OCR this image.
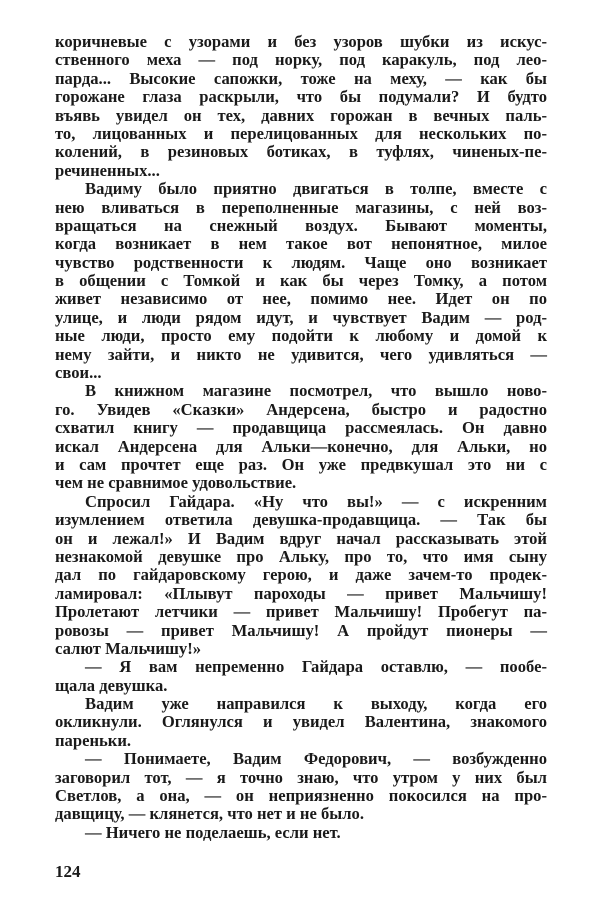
коричневые с узорами и без узоров шубки из искус-
ственного меха — под норку, под каракуль, под лео-
парда... Высокие сапожки, тоже на меху, — как бы
горожане глаза раскрыли, что бы подумали? И будто
въявь увидел он тех, давних горожан в вечных паль-
то, лицованных и перелицованных для нескольких по-
колений, в резиновых ботиках, в туфлях, чиненых-пе-
речиненных...
Вадиму было приятно двигаться в толпе, вместе с
нею вливаться в переполненные магазины, с ней воз-
вращаться на снежный воздух. Бывают моменты,
когда возникает в нем такое вот непонятное, милое
чувство родственности к людям. Чаще оно возникает
в общении с Томкой и как бы через Томку, а потом
живет независимо от нее, помимо нее. Идет он по
улице, и люди рядом идут, и чувствует Вадим — род-
ные люди, просто ему подойти к любому и домой к
нему зайти, и никто не удивится, чего удивляться —
свои...
В книжном магазине посмотрел, что вышло ново-
го. Увидев «Сказки» Андерсена, быстро и радостно
схватил книгу — продавщица рассмеялась. Он давно
искал Андерсена для Альки—конечно, для Альки, но
и сам прочтет еще раз. Он уже предвкушал это ни с
чем не сравнимое удовольствие.
Спросил Гайдара. «Ну что вы!» — с искренним
изумлением ответила девушка-продавщица. — Так бы
он и лежал!» И Вадим вдруг начал рассказывать этой
незнакомой девушке про Альку, про то, что имя сыну
дал по гайдаровскому герою, и даже зачем-то продек-
ламировал: «Плывут пароходы — привет Мальчишу!
Пролетают летчики — привет Мальчишу! Пробегут па-
ровозы — привет Мальчишу! А пройдут пионеры —
салют Мальчишу!»
— Я вам непременно Гайдара оставлю, — пообе-
щала девушка.
Вадим уже направился к выходу, когда его
окликнули. Оглянулся и увидел Валентина, знакомого
пареньки.
— Понимаете, Вадим Федорович, — возбужденно
заговорил тот, — я точно знаю, что утром у них был
Светлов, а она, — он неприязненно покосился на про-
давщицу, — клянется, что нет и не было.
— Ничего не поделаешь, если нет.
124
